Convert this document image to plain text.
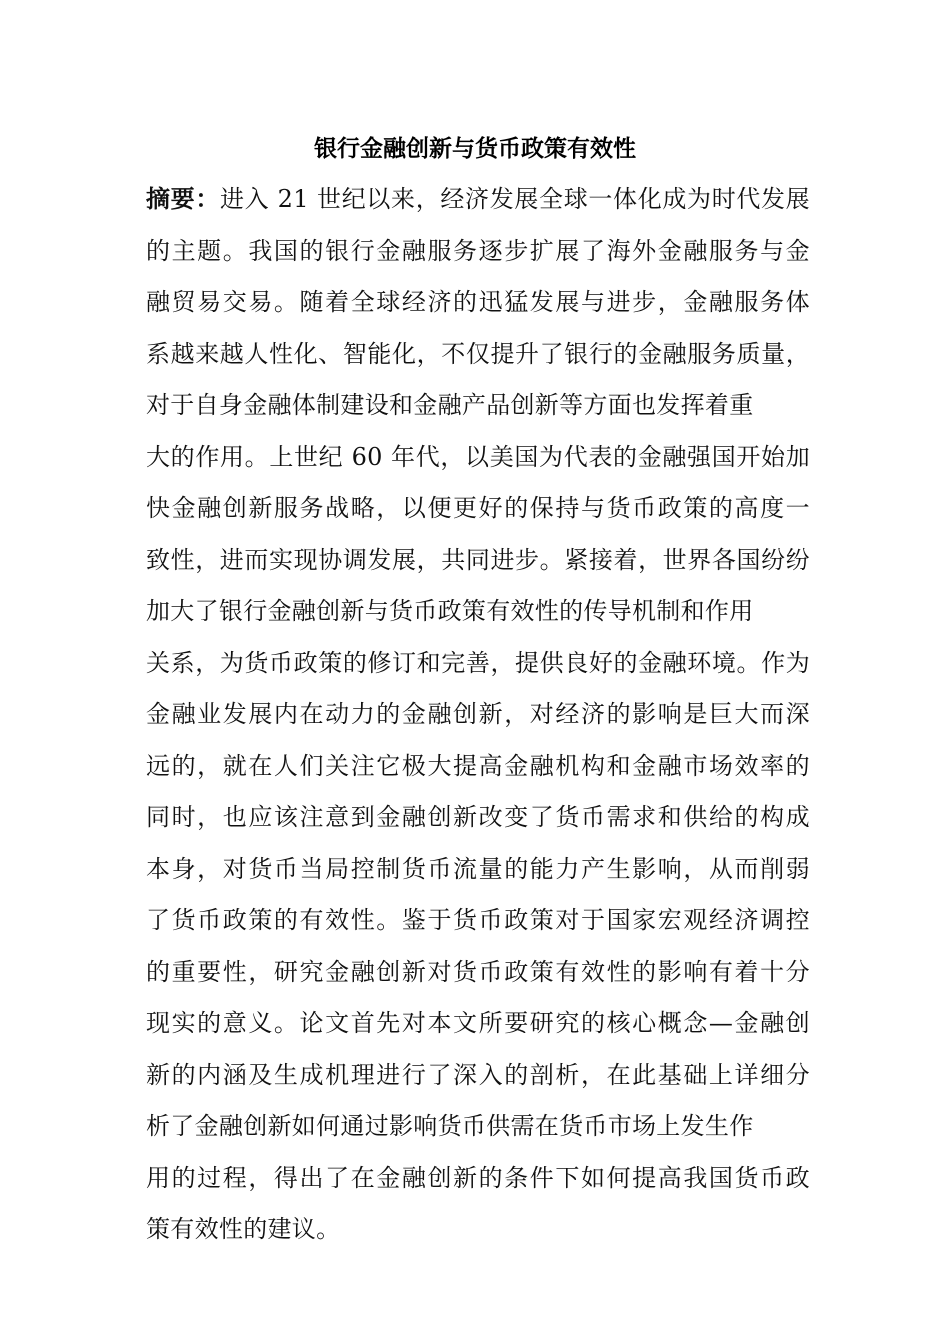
银行金融创新与货币政策有效性
摘要：进入 21 世纪以来，经济发展全球一体化成为时代发展
的主题。我国的银行金融服务逐步扩展了海外金融服务与金
融贸易交易。随着全球经济的迅猛发展与进步，金融服务体
系越来越人性化、智能化，不仅提升了银行的金融服务质量，
对于自身金融体制建设和金融产品创新等方面也发挥着重
大的作用。上世纪 60 年代，以美国为代表的金融强国开始加
快金融创新服务战略，以便更好的保持与货币政策的高度一
致性，进而实现协调发展，共同进步。紧接着，世界各国纷纷
加大了银行金融创新与货币政策有效性的传导机制和作用
关系，为货币政策的修订和完善，提供良好的金融环境。作为
金融业发展内在动力的金融创新，对经济的影响是巨大而深
远的，就在人们关注它极大提高金融机构和金融市场效率的
同时，也应该注意到金融创新改变了货币需求和供给的构成
本身，对货币当局控制货币流量的能力产生影响，从而削弱
了货币政策的有效性。鉴于货币政策对于国家宏观经济调控
的重要性，研究金融创新对货币政策有效性的影响有着十分
现实的意义。论文首先对本文所要研究的核心概念—金融创
新的内涵及生成机理进行了深入的剖析，在此基础上详细分
析了金融创新如何通过影响货币供需在货币市场上发生作
用的过程，得出了在金融创新的条件下如何提高我国货币政
策有效性的建议。
